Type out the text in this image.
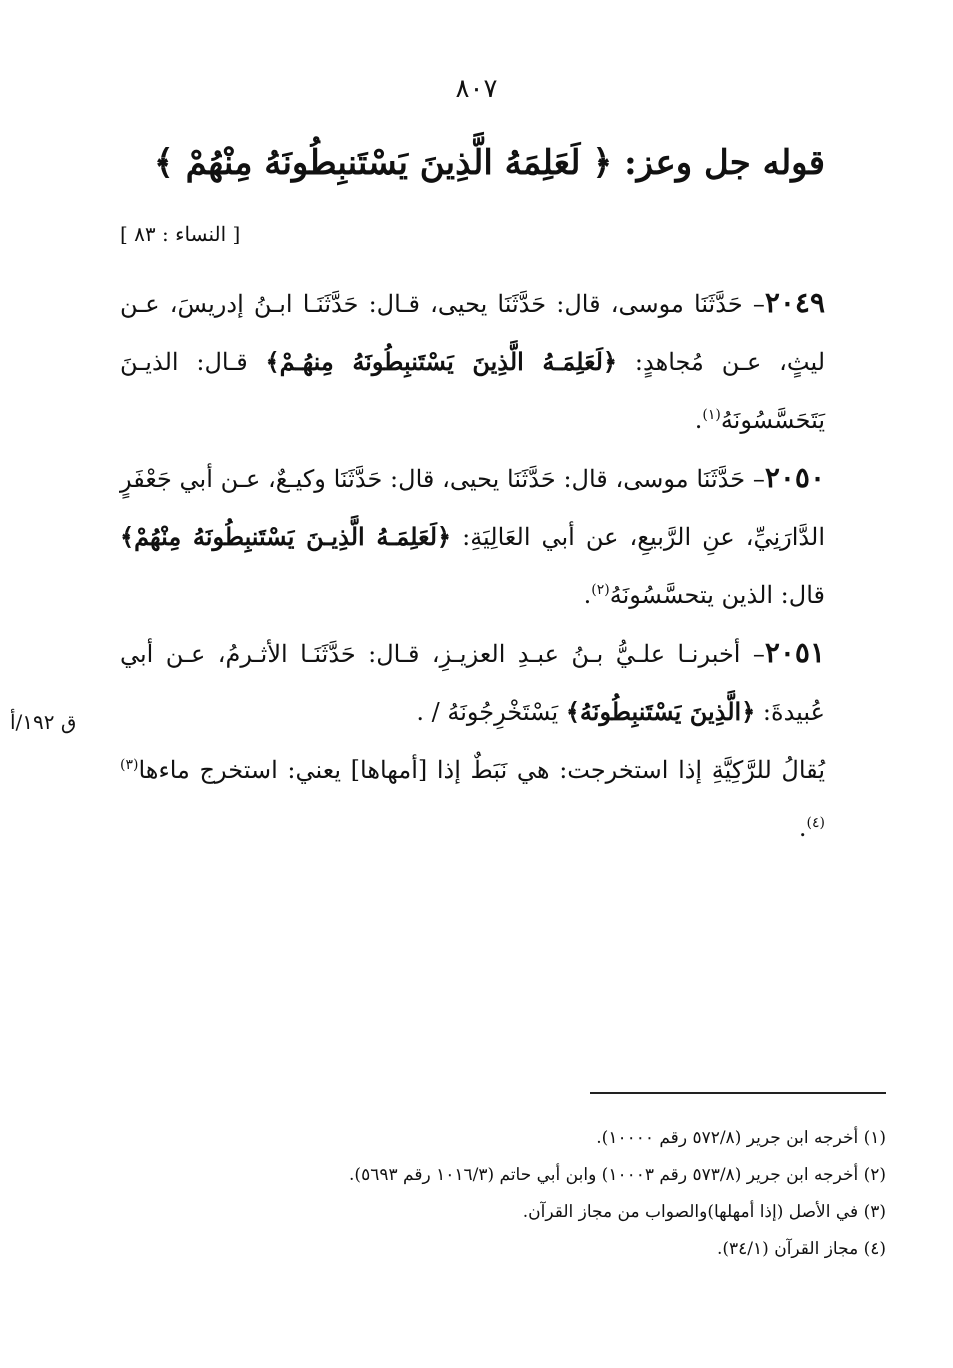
٨٠٧
قوله جل وعز: ﴿ لَعَلِمَهُ الَّذِينَ يَسْتَنبِطُونَهُ مِنْهُمْ ﴾
[ النساء : ٨٣ ]

٢٠٤٩– حَدَّثَنَا موسى، قال: حَدَّثَنَا يحيى، قـال: حَدَّثَنَـا ابـنُ إدريسَ، عـن ليثٍ، عـن مُجاهدٍ: ﴿لَعَلِمَـهُ الَّذِينَ يَسْتَنبِطُونَهُ مِنهُـمْ﴾ قـال: الذيـنَ يَتَحَسَّسُونَهُ$^{(١)}$.

٢٠٥٠– حَدَّثَنَا موسى، قال: حَدَّثَنَا يحيى، قال: حَدَّثَنَا وكيـعٌ، عـن أبي جَعْفَرٍ الدَّارَنِيِّ، عنِ الرَّبيعِ، عن أبي العَالِيَةِ: ﴿لَعَلِمَـهُ الَّذِيـنَ يَسْتَنبِطُونَهُ مِنْهُمْ﴾ قال: الذين يتحسَّسُونَهُ$^{(٢)}$.

٢٠٥١– أخبرنـا علـيُّ بـنُ عبـدِ العزيـزِ، قـال: حَدَّثَنَـا الأثـرمُ، عـن أبي عُبيدةَ: ﴿الَّذِينَ يَسْتَنبِطُونَهُ﴾ يَسْتَخْرِجُونَهُ / .

يُقالُ للرَّكِيَّةِ إذا استخرجت: هي نَبَطٌ إذا [أمهاها] يعني: استخرج ماءها$^{(٣)(٤)}$.

ق ١٩٢/أ
(١) أخرجه ابن جرير (٥٧٢/٨ رقم ١٠٠٠٠).
(٢) أخرجه ابن جرير (٥٧٣/٨ رقم ١٠٠٠٣) وابن أبي حاتم (١٠١٦/٣ رقم ٥٦٩٣).
(٣) في الأصل (إذا أمهلها)والصواب من مجاز القرآن.
(٤) مجاز القرآن (٣٤/١).
